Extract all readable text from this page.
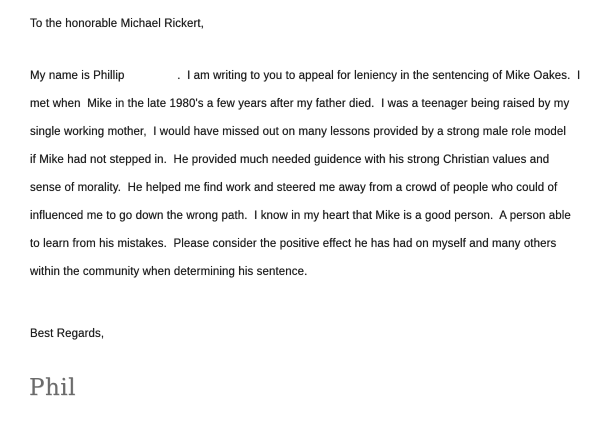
To the honorable Michael Rickert,
My name is Phillip                .  I am writing to you to appeal for leniency in the sentencing of Mike Oakes.  I
met when  Mike in the late 1980's a few years after my father died.  I was a teenager being raised by my
single working mother,  I would have missed out on many lessons provided by a strong male role model
if Mike had not stepped in.  He provided much needed guidence with his strong Christian values and
sense of morality.  He helped me find work and steered me away from a crowd of people who could of
influenced me to go down the wrong path.  I know in my heart that Mike is a good person.  A person able
to learn from his mistakes.  Please consider the positive effect he has had on myself and many others
within the community when determining his sentence.
Best Regards,
Phil
